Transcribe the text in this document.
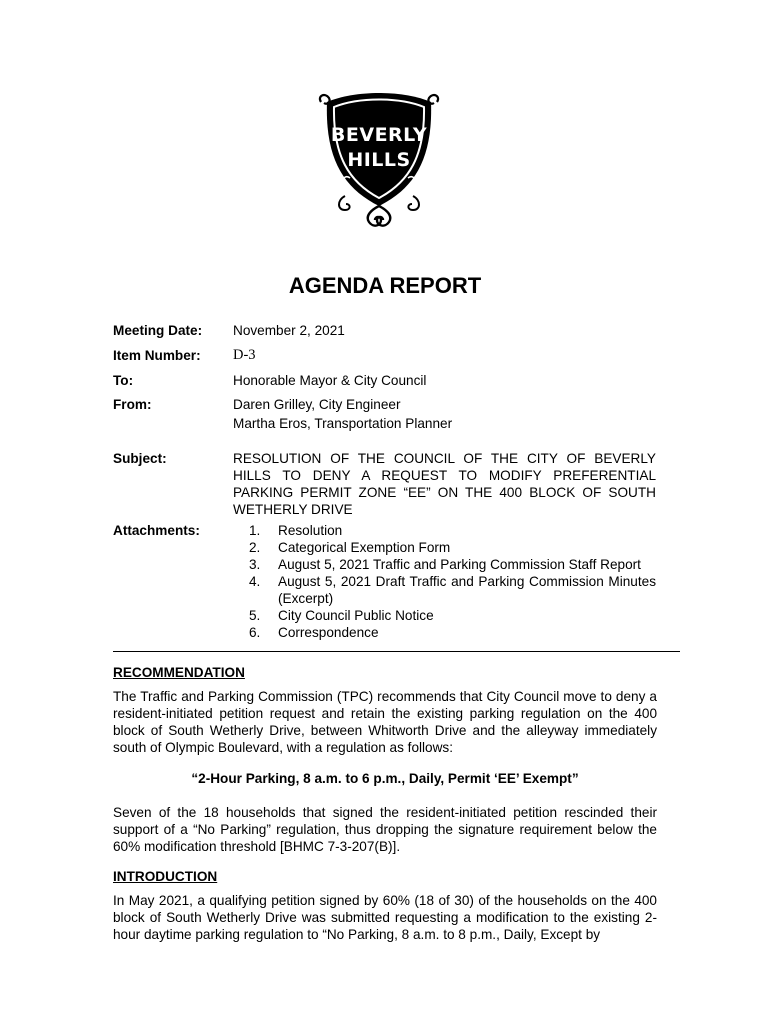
BEVERLY
HILLS
AGENDA REPORT
Meeting Date: November 2, 2021
Item Number: D-3
To:	Honorable Mayor & City Council
From:	Daren Grilley, City Engineer
Martha Eros, Transportation Planner
Subject:	RESOLUTION OF THE COUNCIL OF THE CITY OF BEVERLY HILLS TO DENY A REQUEST TO MODIFY PREFERENTIAL PARKING PERMIT ZONE “EE” ON THE 400 BLOCK OF SOUTH WETHERLY DRIVE
Attachments:	1. Resolution
2. Categorical Exemption Form
3. August 5, 2021 Traffic and Parking Commission Staff Report
4. August 5, 2021 Draft Traffic and Parking Commission Minutes (Excerpt)
5. City Council Public Notice
6. Correspondence
RECOMMENDATION
The Traffic and Parking Commission (TPC) recommends that City Council move to deny a resident-initiated petition request and retain the existing parking regulation on the 400 block of South Wetherly Drive, between Whitworth Drive and the alleyway immediately south of Olympic Boulevard, with a regulation as follows:
“2-Hour Parking, 8 a.m. to 6 p.m., Daily, Permit ‘EE’ Exempt”
Seven of the 18 households that signed the resident-initiated petition rescinded their support of a “No Parking” regulation, thus dropping the signature requirement below the 60% modification threshold [BHMC 7-3-207(B)].
INTRODUCTION
In May 2021, a qualifying petition signed by 60% (18 of 30) of the households on the 400 block of South Wetherly Drive was submitted requesting a modification to the existing 2-hour daytime parking regulation to “No Parking, 8 a.m. to 8 p.m., Daily, Except by
